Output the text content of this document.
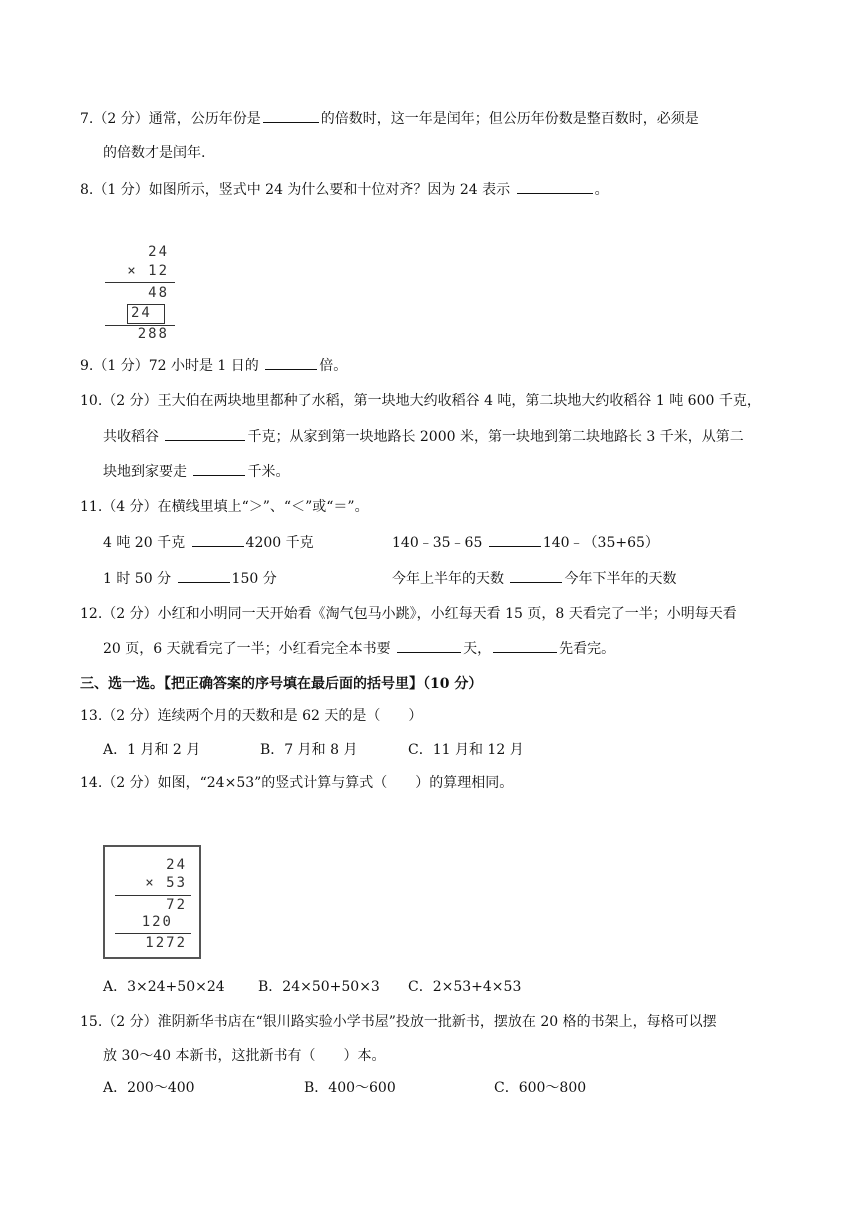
7.（2 分）通常，公历年份是	的倍数时，这一年是闰年；但公历年份数是整百数时，必须是
的倍数才是闰年.
8.（1 分）如图所示，竖式中 24 为什么要和十位对齐？因为 24 表示	。
24
× 12
48
24
288
9.（1 分）72 小时是 1 日的	倍。
10.（2 分）王大伯在两块地里都种了水稻，第一块地大约收稻谷 4 吨，第二块地大约收稻谷 1 吨 600 千克，
共收稻谷	千克；从家到第一块地路长 2000 米，第一块地到第二块地路长 3 千米，从第二
块地到家要走	千米。
11.（4 分）在横线里填上“＞”、“＜”或“＝”。
4 吨 20 千克	4200 千克	140﹣35﹣65	140﹣（35+65）
1 时 50 分	150 分	今年上半年的天数	今年下半年的天数
12.（2 分）小红和小明同一天开始看《淘气包马小跳》，小红每天看 15 页，8 天看完了一半；小明每天看
20 页，6 天就看完了一半；小红看完全本书要	天，	先看完。
三、选一选。【把正确答案的序号填在最后面的括号里】（10 分）
13.（2 分）连续两个月的天数和是 62 天的是（　　）
A．1 月和 2 月	B．7 月和 8 月	C．11 月和 12 月
14.（2 分）如图，“24×53”的竖式计算与算式（　　）的算理相同。
24
× 53
72
120
1272
A．3×24+50×24 B．24×50+50×3 C．2×53+4×53
15.（2 分）淮阴新华书店在“银川路实验小学书屋”投放一批新书，摆放在 20 格的书架上，每格可以摆
放 30～40 本新书，这批新书有（　　）本。
A．200～400	B．400～600	C．600～800
